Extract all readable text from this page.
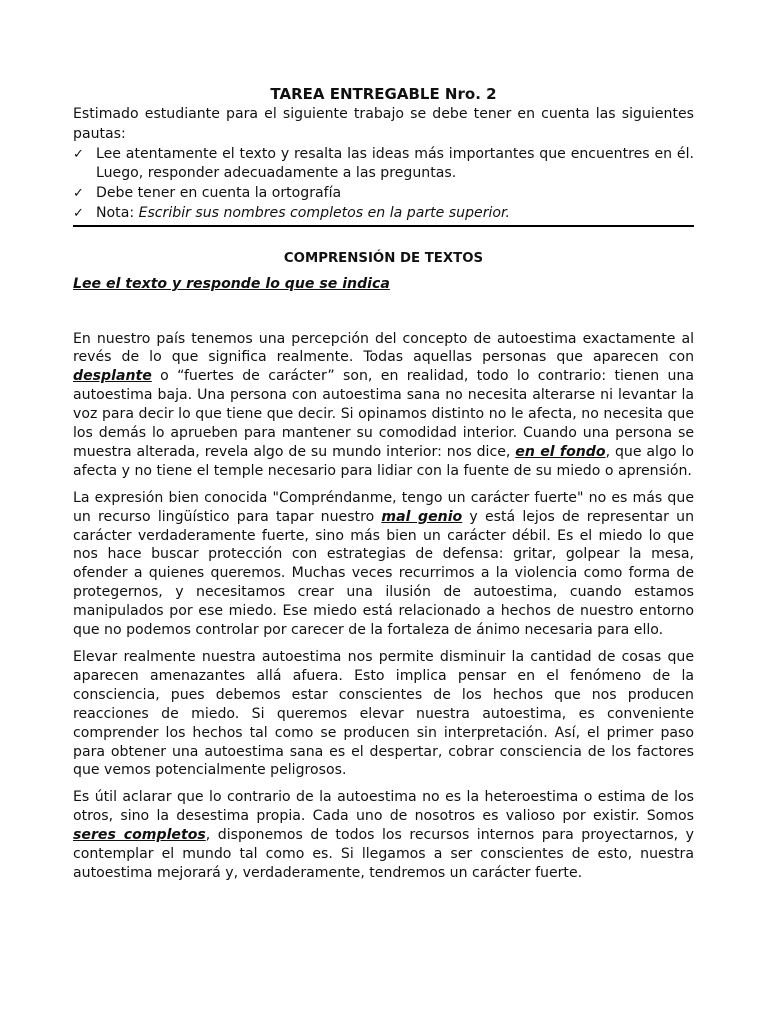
TAREA ENTREGABLE Nro. 2

Estimado estudiante para el siguiente trabajo se debe tener en cuenta las siguientes pautas:

✓ Lee atentamente el texto y resalta las ideas más importantes que encuentres en él. Luego, responder adecuadamente a las preguntas.
✓ Debe tener en cuenta la ortografía
✓ Nota: Escribir sus nombres completos en la parte superior.
COMPRENSIÓN DE TEXTOS

Lee el texto y responde lo que se indica

En nuestro país tenemos una percepción del concepto de autoestima exactamente al revés de lo que significa realmente. Todas aquellas personas que aparecen con desplante o “fuertes de carácter” son, en realidad, todo lo contrario: tienen una autoestima baja. Una persona con autoestima sana no necesita alterarse ni levantar la voz para decir lo que tiene que decir. Si opinamos distinto no le afecta, no necesita que los demás lo aprueben para mantener su comodidad interior. Cuando una persona se muestra alterada, revela algo de su mundo interior: nos dice, en el fondo, que algo lo afecta y no tiene el temple necesario para lidiar con la fuente de su miedo o aprensión.

La expresión bien conocida "Compréndanme, tengo un carácter fuerte" no es más que un recurso lingüístico para tapar nuestro mal genio y está lejos de representar un carácter verdaderamente fuerte, sino más bien un carácter débil. Es el miedo lo que nos hace buscar protección con estrategias de defensa: gritar, golpear la mesa, ofender a quienes queremos. Muchas veces recurrimos a la violencia como forma de protegernos, y necesitamos crear una ilusión de autoestima, cuando estamos manipulados por ese miedo. Ese miedo está relacionado a hechos de nuestro entorno que no podemos controlar por carecer de la fortaleza de ánimo necesaria para ello.

Elevar realmente nuestra autoestima nos permite disminuir la cantidad de cosas que aparecen amenazantes allá afuera. Esto implica pensar en el fenómeno de la consciencia, pues debemos estar conscientes de los hechos que nos producen reacciones de miedo. Si queremos elevar nuestra autoestima, es conveniente comprender los hechos tal como se producen sin interpretación. Así, el primer paso para obtener una autoestima sana es el despertar, cobrar consciencia de los factores que vemos potencialmente peligrosos.

Es útil aclarar que lo contrario de la autoestima no es la heteroestima o estima de los otros, sino la desestima propia. Cada uno de nosotros es valioso por existir. Somos seres completos, disponemos de todos los recursos internos para proyectarnos, y contemplar el mundo tal como es. Si llegamos a ser conscientes de esto, nuestra autoestima mejorará y, verdaderamente, tendremos un carácter fuerte.
